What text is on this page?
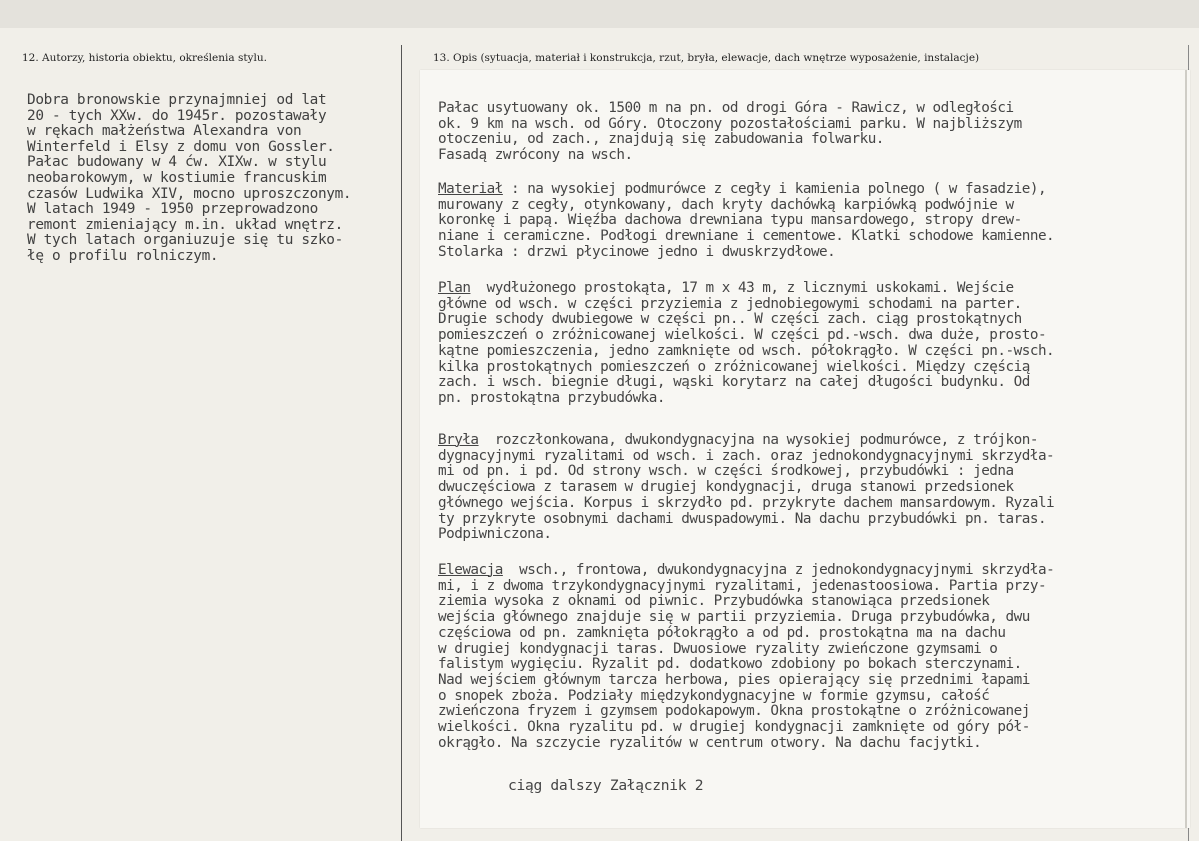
12. Autorzy, historia obiektu, określenia stylu.	13. Opis (sytuacja, materiał i konstrukcja, rzut, bryła, elewacje, dach wnętrze wyposażenie, instalacje)
Dobra bronowskie przynajmniej od lat
20 - tych XXw. do 1945r. pozostawały
w rękach małżeństwa Alexandra von
Winterfeld i Elsy z domu von Gossler.
Pałac budowany w 4 ćw. XIXw. w stylu
neobarokowym, w kostiumie francuskim
czasów Ludwika XIV, mocno uproszczonym.
W latach 1949 - 1950 przeprowadzono
remont zmieniający m.in. układ wnętrz.
W tych latach organiuzuje się tu szko-
łę o profilu rolniczym.
Pałac usytuowany ok. 1500 m na pn. od drogi Góra - Rawicz, w odległości
ok. 9 km na wsch. od Góry. Otoczony pozostałościami parku. W najbliższym
otoczeniu, od zach., znajdują się zabudowania folwarku.
Fasadą zwrócony na wsch.
Materiał : na wysokiej podmurówce z cegły i kamienia polnego ( w fasadzie),
murowany z cegły, otynkowany, dach kryty dachówką karpiówką podwójnie w
koronkę i papą. Więźba dachowa drewniana typu mansardowego, stropy drew-
niane i ceramiczne. Podłogi drewniane i cementowe. Klatki schodowe kamienne.
Stolarka : drzwi płycinowe jedno i dwuskrzydłowe.
Plan  wydłużonego prostokąta, 17 m x 43 m, z licznymi uskokami. Wejście
główne od wsch. w części przyziemia z jednobiegowymi schodami na parter.
Drugie schody dwubiegowe w części pn.. W części zach. ciąg prostokątnych
pomieszczeń o zróżnicowanej wielkości. W części pd.-wsch. dwa duże, prosto-
kątne pomieszczenia, jedno zamknięte od wsch. półokrągło. W części pn.-wsch.
kilka prostokątnych pomieszczeń o zróżnicowanej wielkości. Między częścią
zach. i wsch. biegnie długi, wąski korytarz na całej długości budynku. Od
pn. prostokątna przybudówka.
Bryła  rozczłonkowana, dwukondygnacyjna na wysokiej podmurówce, z trójkon-
dygnacyjnymi ryzalitami od wsch. i zach. oraz jednokondygnacyjnymi skrzydła-
mi od pn. i pd. Od strony wsch. w części środkowej, przybudówki : jedna
dwuczęściowa z tarasem w drugiej kondygnacji, druga stanowi przedsionek
głównego wejścia. Korpus i skrzydło pd. przykryte dachem mansardowym. Ryzali
ty przykryte osobnymi dachami dwuspadowymi. Na dachu przybudówki pn. taras.
Podpiwniczona.
Elewacja  wsch., frontowa, dwukondygnacyjna z jednokondygnacyjnymi skrzydła-
mi, i z dwoma trzykondygnacyjnymi ryzalitami, jedenastoosiowa. Partia przy-
ziemia wysoka z oknami od piwnic. Przybudówka stanowiąca przedsionek
wejścia głównego znajduje się w partii przyziemia. Druga przybudówka, dwu
częściowa od pn. zamknięta półokrągło a od pd. prostokątna ma na dachu
w drugiej kondygnacji taras. Dwuosiowe ryzality zwieńczone gzymsami o
falistym wygięciu. Ryzalit pd. dodatkowo zdobiony po bokach sterczynami.
Nad wejściem głównym tarcza herbowa, pies opierający się przednimi łapami
o snopek zboża. Podziały międzykondygnacyjne w formie gzymsu, całość
zwieńczona fryzem i gzymsem podokapowym. Okna prostokątne o zróżnicowanej
wielkości. Okna ryzalitu pd. w drugiej kondygnacji zamknięte od góry pół-
okrągło. Na szczycie ryzalitów w centrum otwory. Na dachu facjytki.
ciąg dalszy Załącznik 2
